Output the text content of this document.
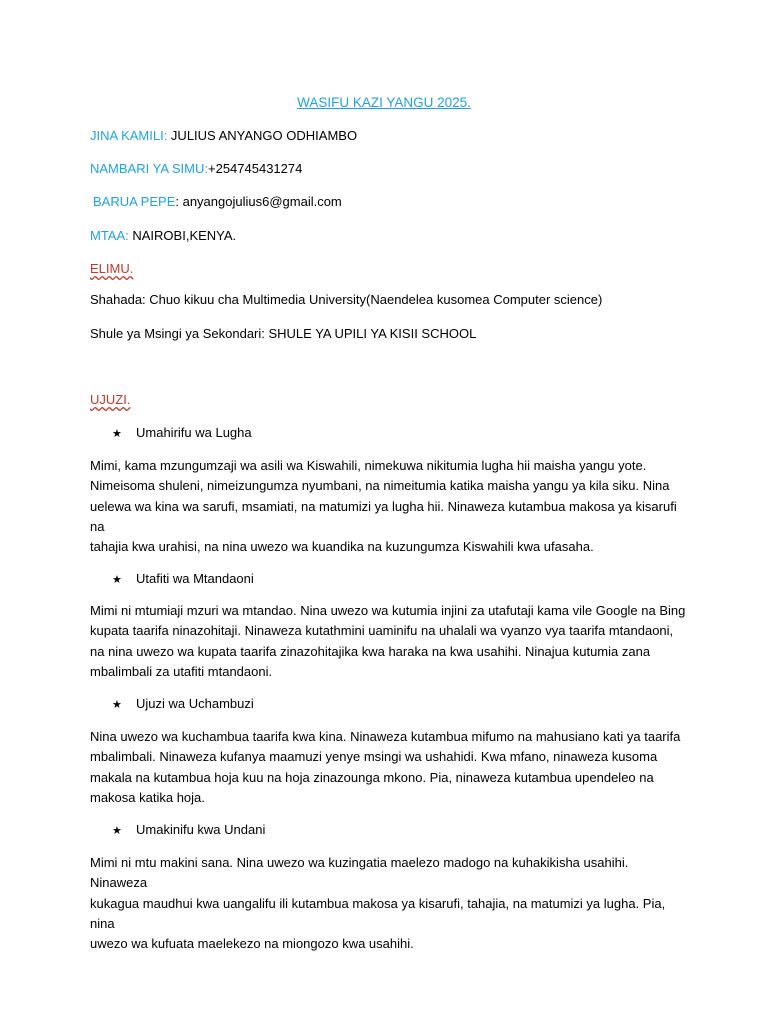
WASIFU KAZI YANGU 2025.
JINA KAMILI: JULIUS ANYANGO ODHIAMBO
NAMBARI YA SIMU:+254745431274
BARUA PEPE: anyangojulius6@gmail.com
MTAA: NAIROBI,KENYA.
ELIMU.
Shahada: Chuo kikuu cha Multimedia University(Naendelea kusomea Computer science)
Shule ya Msingi ya Sekondari: SHULE YA UPILI YA KISII SCHOOL
UJUZI.
★ Umahirifu wa Lugha
Mimi, kama mzungumzaji wa asili wa Kiswahili, nimekuwa nikitumia lugha hii maisha yangu yote.
Nimeisoma shuleni, nimeizungumza nyumbani, na nimeitumia katika maisha yangu ya kila siku. Nina
uelewa wa kina wa sarufi, msamiati, na matumizi ya lugha hii. Ninaweza kutambua makosa ya kisarufi na
tahajia kwa urahisi, na nina uwezo wa kuandika na kuzungumza Kiswahili kwa ufasaha.
★ Utafiti wa Mtandaoni
Mimi ni mtumiaji mzuri wa mtandao. Nina uwezo wa kutumia injini za utafutaji kama vile Google na Bing
kupata taarifa ninazohitaji. Ninaweza kutathmini uaminifu na uhalali wa vyanzo vya taarifa mtandaoni,
na nina uwezo wa kupata taarifa zinazohitajika kwa haraka na kwa usahihi. Ninajua kutumia zana
mbalimbali za utafiti mtandaoni.
★ Ujuzi wa Uchambuzi
Nina uwezo wa kuchambua taarifa kwa kina. Ninaweza kutambua mifumo na mahusiano kati ya taarifa
mbalimbali. Ninaweza kufanya maamuzi yenye msingi wa ushahidi. Kwa mfano, ninaweza kusoma
makala na kutambua hoja kuu na hoja zinazounga mkono. Pia, ninaweza kutambua upendeleo na
makosa katika hoja.
★ Umakinifu kwa Undani
Mimi ni mtu makini sana. Nina uwezo wa kuzingatia maelezo madogo na kuhakikisha usahihi. Ninaweza
kukagua maudhui kwa uangalifu ili kutambua makosa ya kisarufi, tahajia, na matumizi ya lugha. Pia, nina
uwezo wa kufuata maelekezo na miongozo kwa usahihi.
